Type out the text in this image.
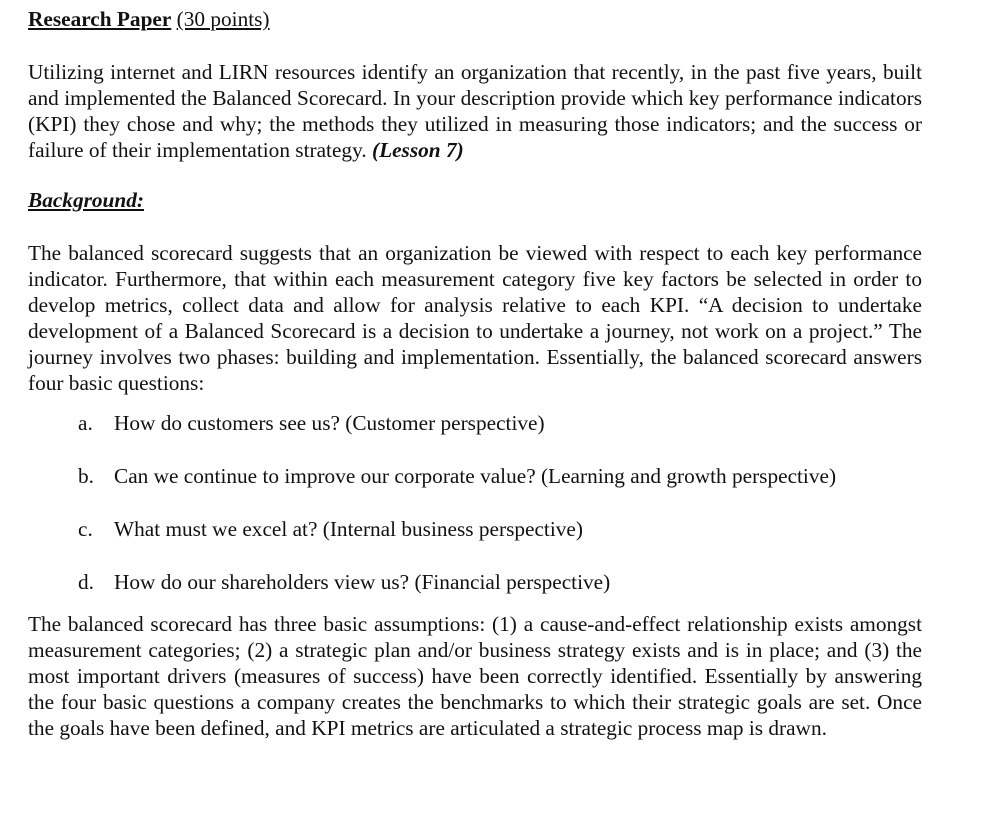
Research Paper (30 points)

Utilizing internet and LIRN resources identify an organization that recently, in the past five years, built and implemented the Balanced Scorecard. In your description provide which key performance indicators (KPI) they chose and why; the methods they utilized in measuring those indicators; and the success or failure of their implementation strategy. (Lesson 7)

Background:

The balanced scorecard suggests that an organization be viewed with respect to each key performance indicator. Furthermore, that within each measurement category five key factors be selected in order to develop metrics, collect data and allow for analysis relative to each KPI. “A decision to undertake development of a Balanced Scorecard is a decision to undertake a journey, not work on a project.” The journey involves two phases: building and implementation. Essentially, the balanced scorecard answers four basic questions:

a. How do customers see us? (Customer perspective)
b. Can we continue to improve our corporate value? (Learning and growth perspective)
c. What must we excel at? (Internal business perspective)
d. How do our shareholders view us? (Financial perspective)

The balanced scorecard has three basic assumptions: (1) a cause-and-effect relationship exists amongst measurement categories; (2) a strategic plan and/or business strategy exists and is in place; and (3) the most important drivers (measures of success) have been correctly identified. Essentially by answering the four basic questions a company creates the benchmarks to which their strategic goals are set. Once the goals have been defined, and KPI metrics are articulated a strategic process map is drawn.
